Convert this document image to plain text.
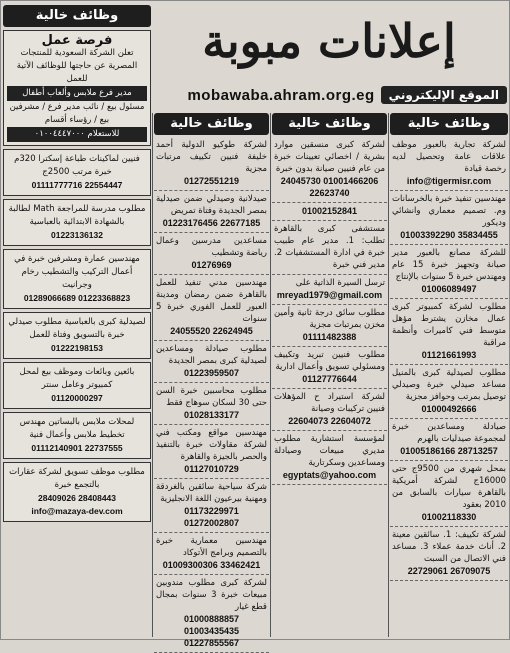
إعلانات مبوبة
الموقع الإليكتروني
mobawaba.ahram.org.eg
وظائف خالية
فرصة عمل
تعلن الشركة السعودية للمنتجات المصرية عن حاجتها للوظائف الآتية للعمل
مدير فرع ملابس وألعاب أطفال
مسئول بيع / نائب مدير فرع / مشرفين بيع / رؤساء أقسام
للاستعلام ٠١٠٠٤٤٤٧٠٠٠
فنيين لماكينات طباعة إسكترا 320م خبرة مرتب 2500ج
01111777716 22554447
مطلوب مدرسة للمراجعة Math لطالبة بالشهادة الابتدائية بالعباسية
01223136132
مهندسين عمارة ومشرفين خبرة في أعمال التركيب والتشطيب رخام وجرانيت
01289066689 01223368823
لصيدلية كبرى بالعباسية مطلوب صيدلي خبرة بالتسويق وفتاة للعمل
01222198153
بائعين وبائعات وموظف بيع لمحل كمبيوتر وعامل سنتر
01120000297
لمحلات ملابس بالبساتين مهندس تخطيط ملابس وأعمال فنية
01112140901 22737555
مطلوب موظف تسويق لشركة عقارات بالتجمع خبرة
28409026 28408443
info@mazaya-dev.com
وظائف خالية
لشركة طوكيو الدولية أحمد خليفة فنيين تكييف مرتبات مجزية
01272551219
صيدلانية وصيدلي ضمن صيدلية بمصر الجديدة وفتاة تمريض
01223176456 22677185
مساعدين مدرسين وعمال رياضة وتشطيب
01276969
مهندسين مدني تنفيذ للعمل بالقاهرة ضمن رمضان ومدينة العبور للعمل الفوري خبرة 5 سنوات
24055520 22624945
مطلوب صيادلة ومساعدين لصيدلية كبرى بمصر الجديدة
01223959507
مطلوب محاسبين خبرة السن حتى 30 لسكان سوهاج فقط
01028133177
مهندسين مواقع ومكتب فني لشركة مقاولات خبرة بالتنفيذ والحصر بالجيزة والقاهرة
01127010729
شركة سياحية سائقين بالغردقة ومهنية بيرعيون اللغة الانجليزية
01173229971 01272002807
مهندسين معمارية خبرة بالتصميم وبرامج الأتوكاد
01009300306 33462421
لشركة كبرى مطلوب مندوبين مبيعات خبرة 3 سنوات بمجال قطع غيار
01000888857 01003435435 01227855567
وظائف خالية
لشركة كبرى منسقين موارد بشرية / اخصائي تعيينات خبرة من عام فنيين صيانة بدون خبرة
24045730 01001466206 22623740
01002152841
مستشفى كبرى بالقاهرة تطلب: 1. مدير عام طبيب خبرة في ادارة المستشفيات 2. مدير فني خبرة
ترسل السيرة الذاتية على
mreyad1979@gmail.com
مطلوب سائق درجة ثانية وأمين مخزن بمرتبات مجزية
01111482388
مطلوب فنيين تبريد وتكييف ومسئولي تسويق وأعمال ادارية
01127776644
لشركة استيراد ح المؤهلات فنيين تركيبات وصيانة
22604073 22604072
لمؤسسة استشارية مطلوب مديري مبيعات وصيادلة ومساعدين وسكرتارية
egyptats@yahoo.com
وظائف خالية
لشركة تجارية بالعبور موظف علاقات عامة وتحصيل لديه رخصة قيادة
info@tigermisr.com
مهندسين تنفيذ خبرة بالخرسانات وم. تصميم معماري وانشائي وديكور
01003392290 35834455
للشركة مصانع بالعبور مدير صيانة وتجهيز خبرة 15 عام ومهندس خبرة 5 سنوات بالإنتاج
01006089497
مطلوب لشركة كمبيوتر كبرى عمال مخازن يشترط مؤهل متوسط فني كاميرات وأنظمة مراقبة
01121661993
مطلوب لصيدلية كبرى بالمنيل مساعد صيدلي خبرة وصيدلي توصيل بمرتب وحوافز مجزية
01000492666
صيادلة ومساعدين خبرة لمجموعة صيدليات بالهرم
01005186166 28713257
بمحل شهري من 9500ج حتى 16000ج لشركة أمريكية بالقاهرة سيارات بالسابق من 2010 بعقود
01002118330
لشركة تكييف: 1. سائقين معينة 2. أناث خدمة عملاء 3. مساعد فني الاتصال من السبت
22729061 26709075
